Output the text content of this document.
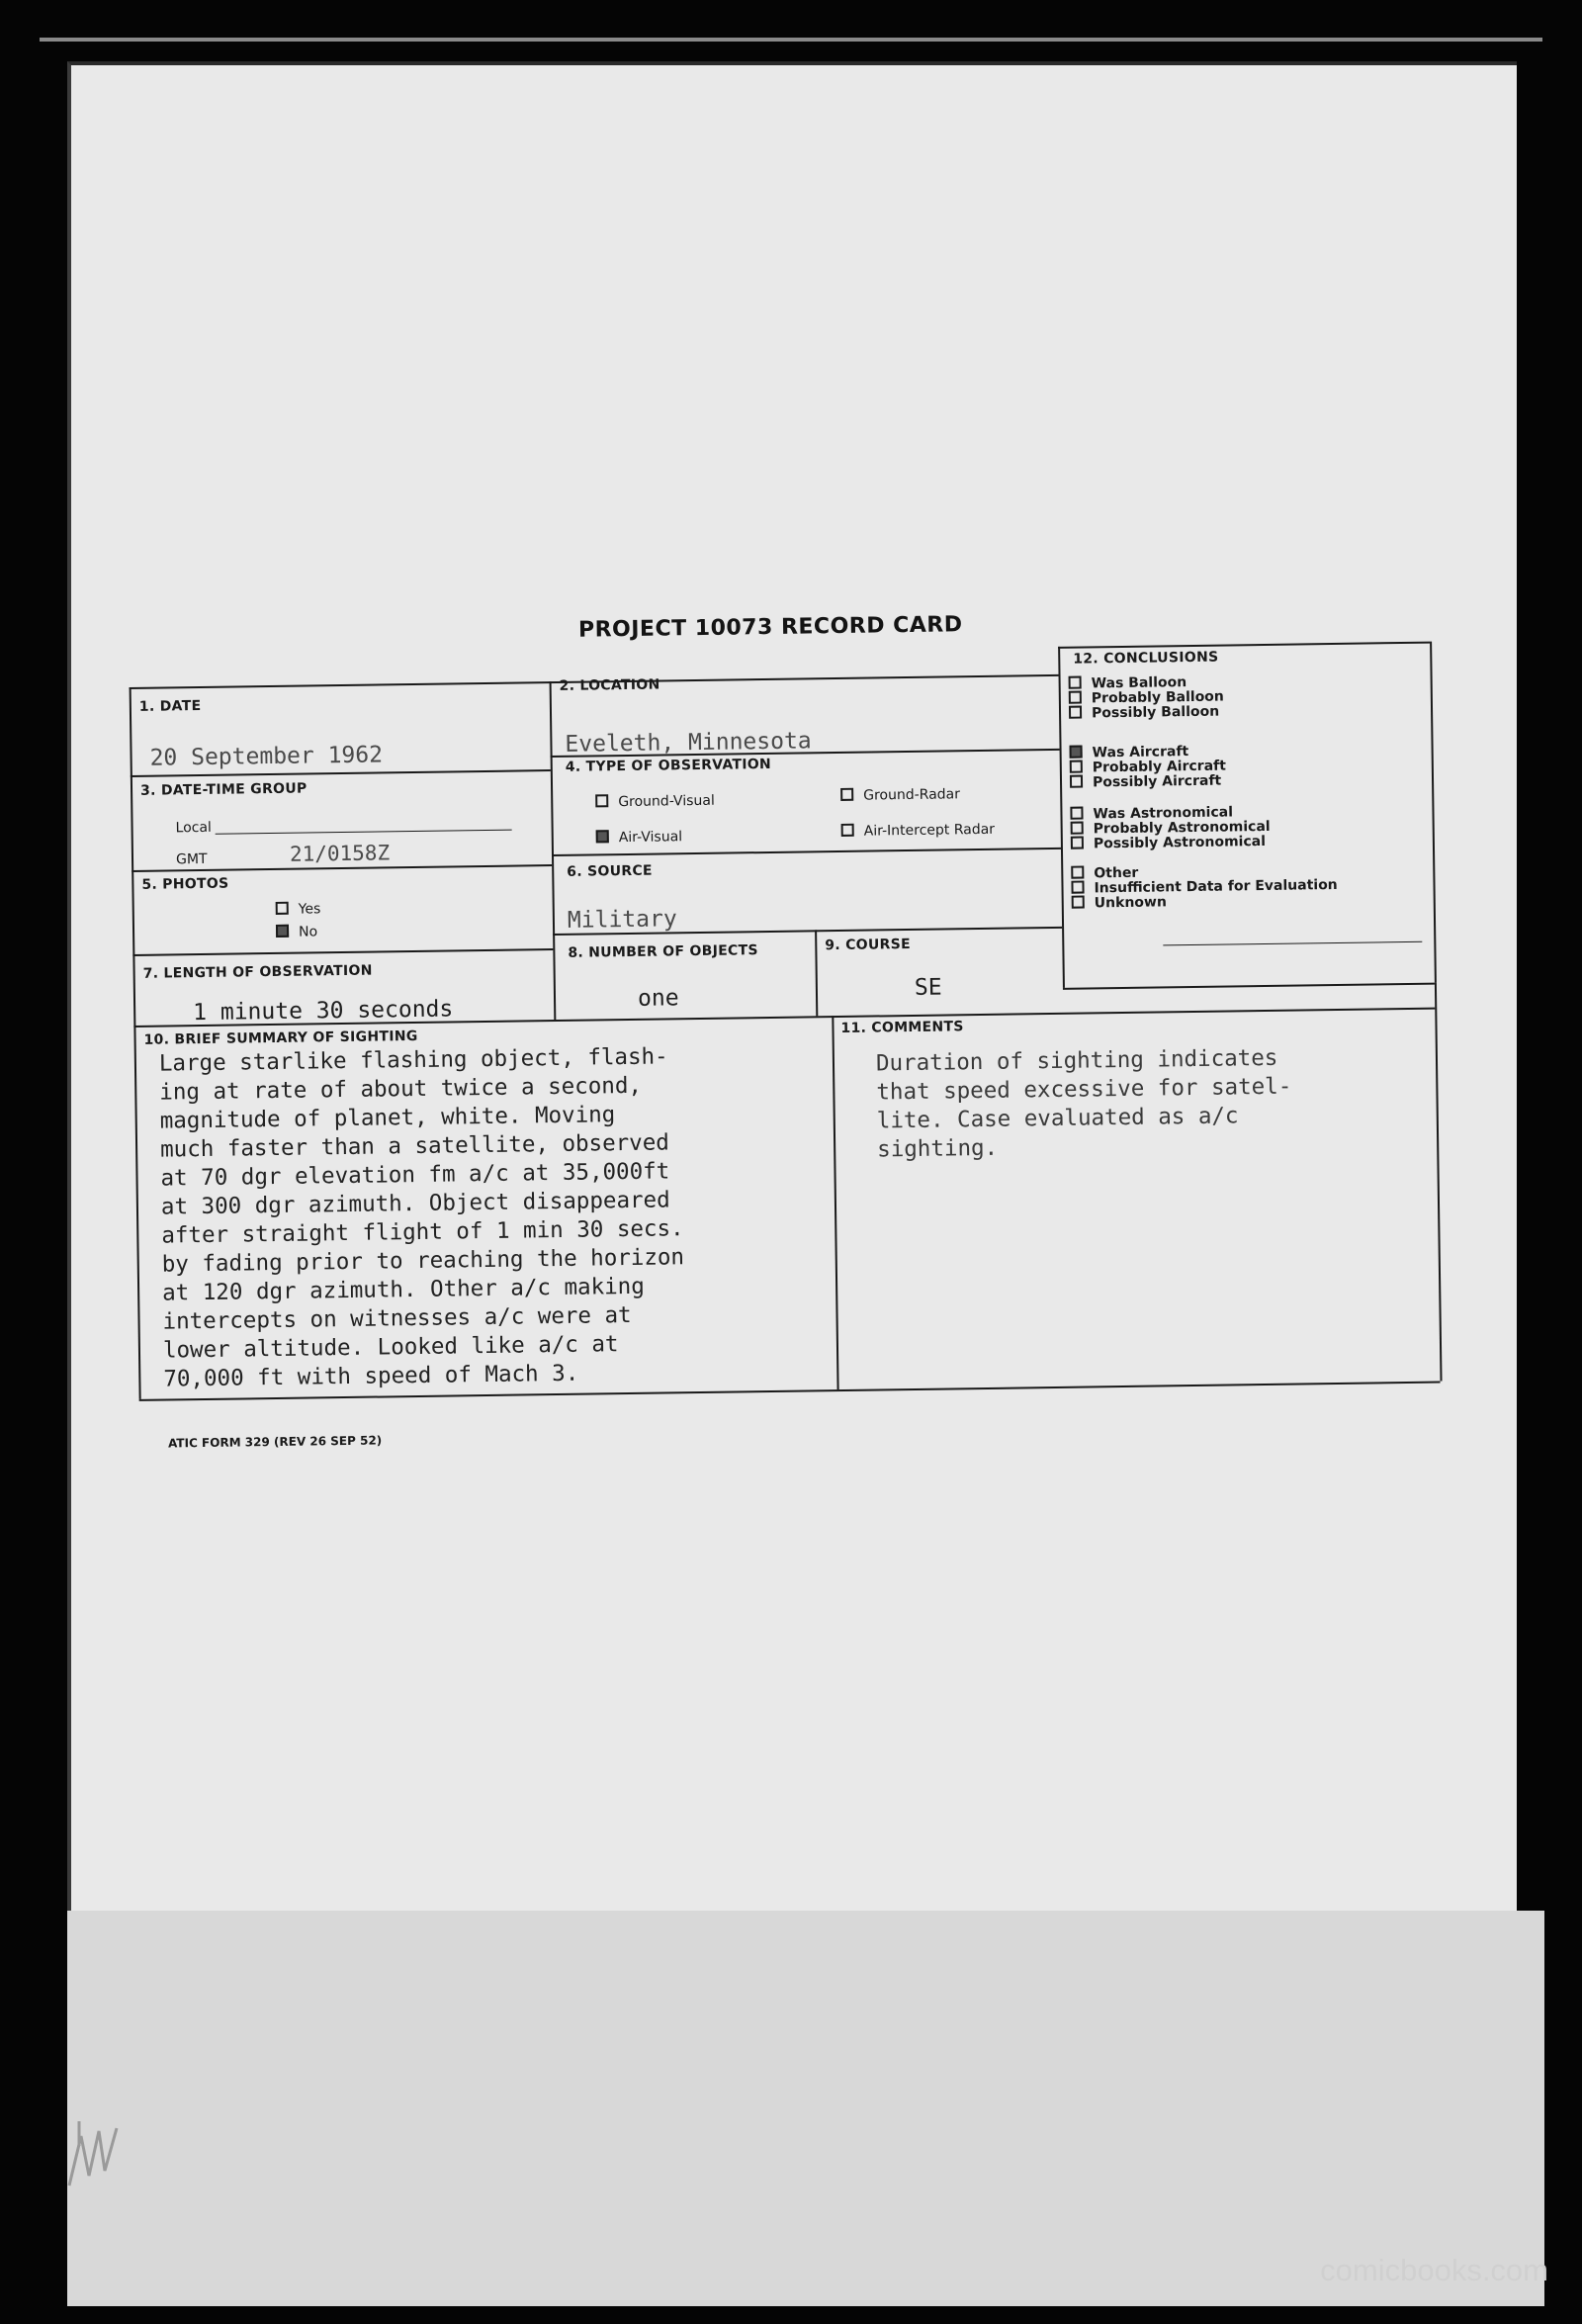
PROJECT 10073 RECORD CARD
1. DATE
20 September 1962
2. LOCATION
Eveleth, Minnesota
3. DATE-TIME GROUP
Local
GMT	21/0158Z
4. TYPE OF OBSERVATION
Ground-Visual	Ground-Radar
Air-Visual	Air-Intercept Radar
5. PHOTOS
Yes
No
6. SOURCE
Military
7. LENGTH OF OBSERVATION
1 minute 30 seconds
8. NUMBER OF OBJECTS
one
9. COURSE
SE
12. CONCLUSIONS
Was Balloon
Probably Balloon
Possibly Balloon
Was Aircraft
Probably Aircraft
Possibly Aircraft
Was Astronomical
Probably Astronomical
Possibly Astronomical
Other
Insufficient Data for Evaluation
Unknown
10. BRIEF SUMMARY OF SIGHTING
Large starlike flashing object, flash-
ing at rate of about twice a second,
magnitude of planet, white. Moving
much faster than a satellite, observed
at 70 dgr elevation fm a/c at 35,000ft
at 300 dgr azimuth. Object disappeared
after straight flight of 1 min 30 secs.
by fading prior to reaching the horizon
at 120 dgr azimuth. Other a/c making
intercepts on witnesses a/c were at
lower altitude. Looked like a/c at
70,000 ft with speed of Mach 3.
11. COMMENTS
Duration of sighting indicates
that speed excessive for satel-
lite. Case evaluated as a/c
sighting.
ATIC FORM 329 (REV 26 SEP 52)
comicbooks.com
